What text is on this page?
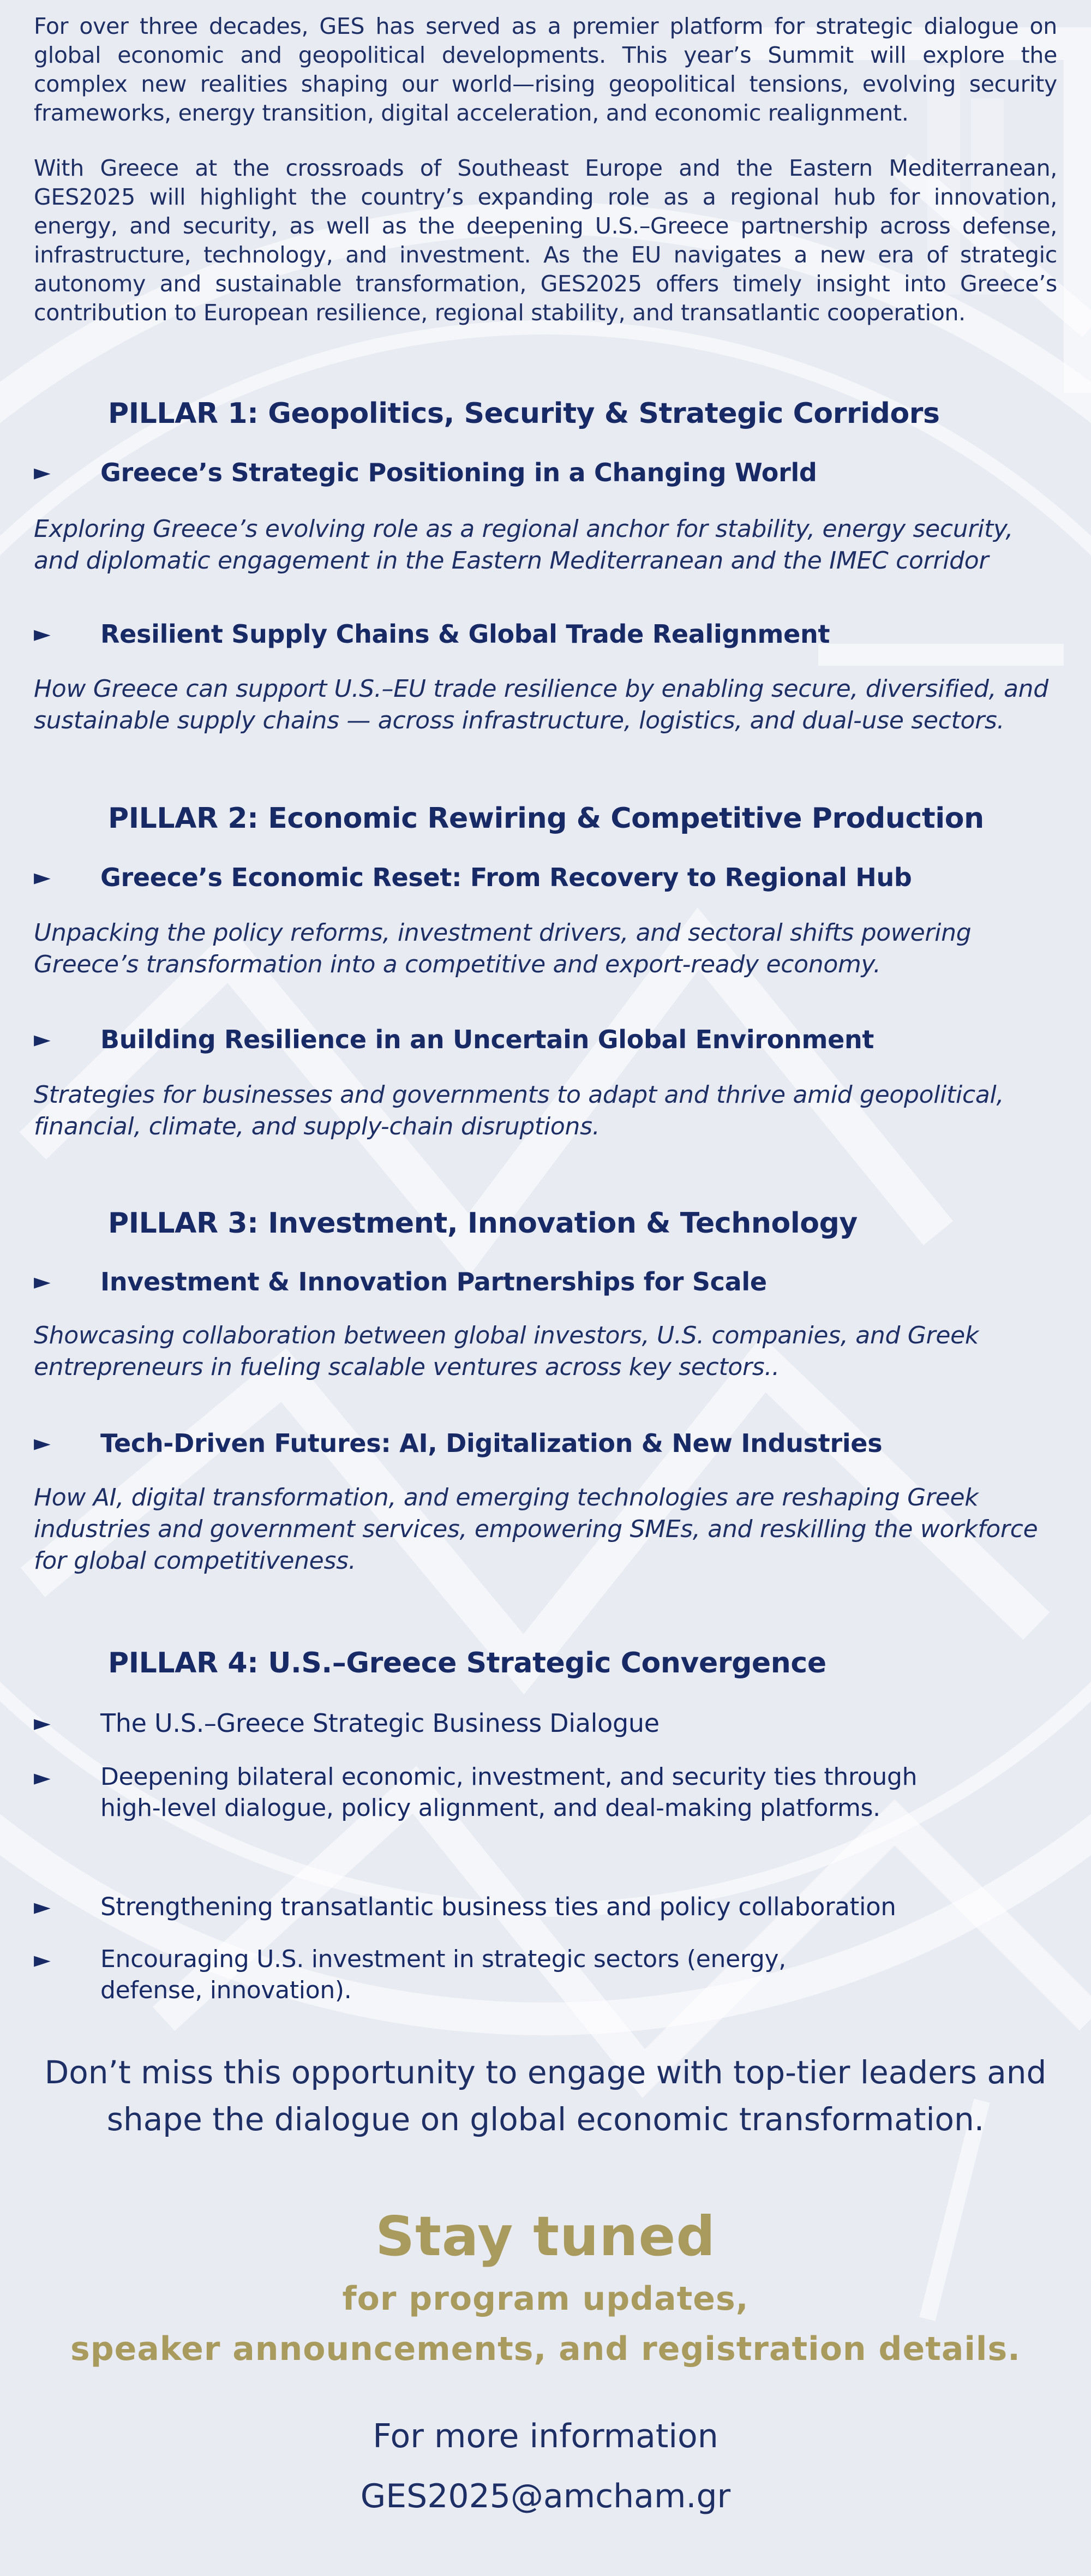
For over three decades, GES has served as a premier platform for strategic dialogue on global economic and geopolitical developments. This year’s Summit will explore the complex new realities shaping our world—rising geopolitical tensions, evolving security frameworks, energy transition, digital acceleration, and economic realignment.

With Greece at the crossroads of Southeast Europe and the Eastern Mediterranean, GES2025 will highlight the country’s expanding role as a regional hub for innovation, energy, and security, as well as the deepening U.S.–Greece partnership across defense, infrastructure, technology, and investment. As the EU navigates a new era of strategic autonomy and sustainable transformation, GES2025 offers timely insight into Greece’s contribution to European resilience, regional stability, and transatlantic cooperation.

PILLAR 1: Geopolitics, Security & Strategic Corridors
► Greece’s Strategic Positioning in a Changing World
Exploring Greece’s evolving role as a regional anchor for stability, energy security, and diplomatic engagement in the Eastern Mediterranean and the IMEC corridor
► Resilient Supply Chains & Global Trade Realignment
How Greece can support U.S.–EU trade resilience by enabling secure, diversified, and sustainable supply chains — across infrastructure, logistics, and dual-use sectors.
PILLAR 2: Economic Rewiring & Competitive Production
► Greece’s Economic Reset: From Recovery to Regional Hub
Unpacking the policy reforms, investment drivers, and sectoral shifts powering Greece’s transformation into a competitive and export-ready economy.
► Building Resilience in an Uncertain Global Environment
Strategies for businesses and governments to adapt and thrive amid geopolitical, financial, climate, and supply-chain disruptions.
PILLAR 3: Investment, Innovation & Technology
► Investment & Innovation Partnerships for Scale
Showcasing collaboration between global investors, U.S. companies, and Greek entrepreneurs in fueling scalable ventures across key sectors..
► Tech-Driven Futures: AI, Digitalization & New Industries
How AI, digital transformation, and emerging technologies are reshaping Greek industries and government services, empowering SMEs, and reskilling the workforce for global competitiveness.
PILLAR 4: U.S.–Greece Strategic Convergence
► The U.S.–Greece Strategic Business Dialogue
► Deepening bilateral economic, investment, and security ties through high-level dialogue, policy alignment, and deal-making platforms.
► Strengthening transatlantic business ties and policy collaboration
► Encouraging U.S. investment in strategic sectors (energy, defense, innovation).
Don’t miss this opportunity to engage with top-tier leaders and
shape the dialogue on global economic transformation.
Stay tuned
for program updates,
speaker announcements, and registration details.
For more information
GES2025@amcham.gr
